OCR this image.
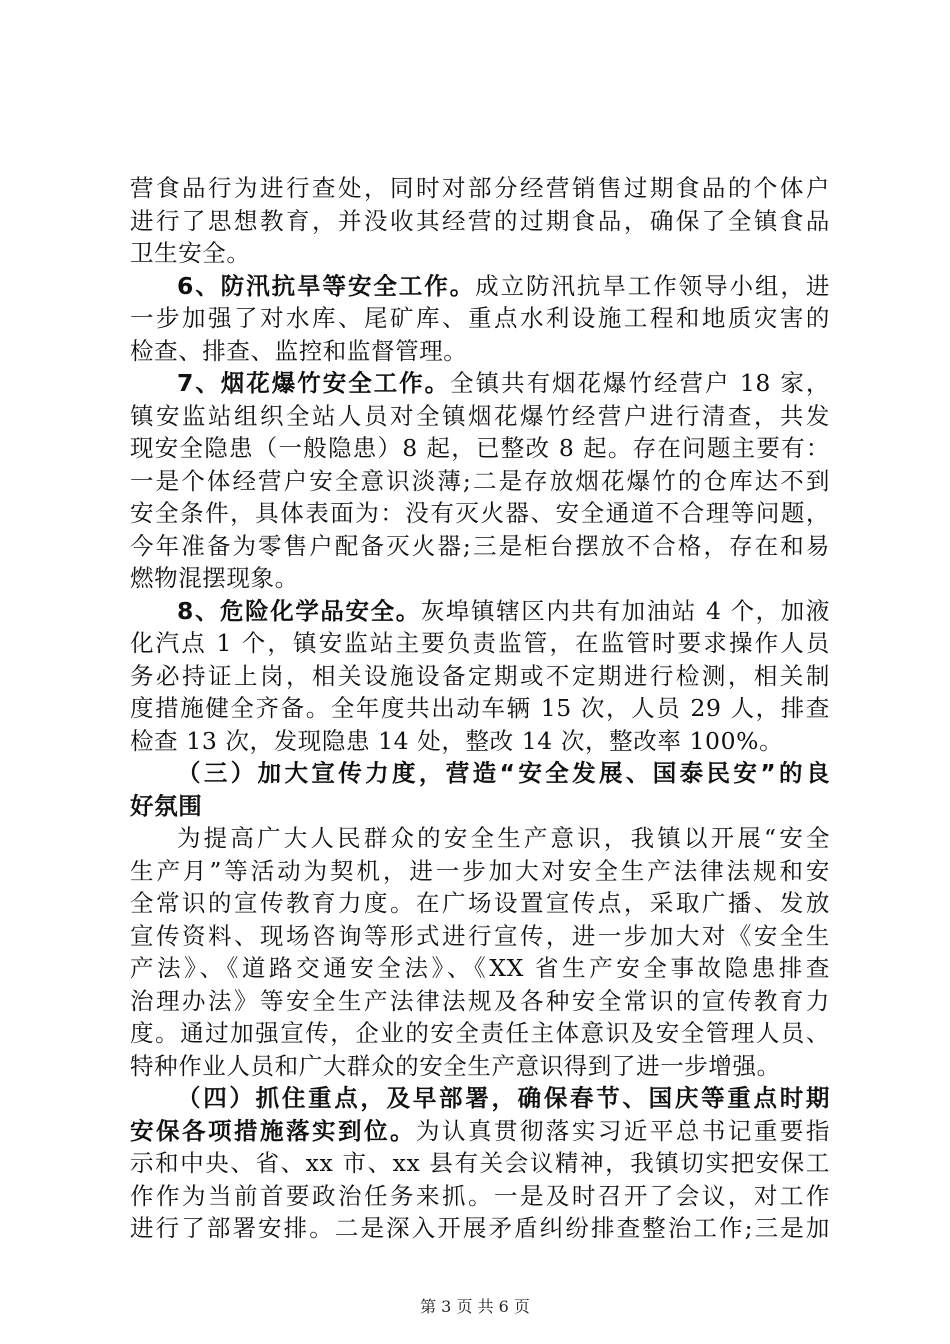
营食品行为进行查处，同时对部分经营销售过期食品的个体户
进行了思想教育，并没收其经营的过期食品，确保了全镇食品
卫生安全。
6、防汛抗旱等安全工作。成立防汛抗旱工作领导小组，进
一步加强了对水库、尾矿库、重点水利设施工程和地质灾害的
检查、排查、监控和监督管理。
7、烟花爆竹安全工作。全镇共有烟花爆竹经营户 18 家，
镇安监站组织全站人员对全镇烟花爆竹经营户进行清查，共发
现安全隐患（一般隐患）8 起，已整改 8 起。存在问题主要有：
一是个体经营户安全意识淡薄;二是存放烟花爆竹的仓库达不到
安全条件，具体表面为：没有灭火器、安全通道不合理等问题，
今年准备为零售户配备灭火器;三是柜台摆放不合格，存在和易
燃物混摆现象。
8、危险化学品安全。灰埠镇辖区内共有加油站 4 个，加液
化汽点 1 个，镇安监站主要负责监管，在监管时要求操作人员
务必持证上岗，相关设施设备定期或不定期进行检测，相关制
度措施健全齐备。全年度共出动车辆 15 次，人员 29 人，排查
检查 13 次，发现隐患 14 处，整改 14 次，整改率 100%。
（三）加大宣传力度，营造“安全发展、国泰民安”的良
好氛围
为提高广大人民群众的安全生产意识，我镇以开展“安全
生产月”等活动为契机，进一步加大对安全生产法律法规和安
全常识的宣传教育力度。在广场设置宣传点，采取广播、发放
宣传资料、现场咨询等形式进行宣传，进一步加大对《安全生
产法》、《道路交通安全法》、《XX 省生产安全事故隐患排查
治理办法》等安全生产法律法规及各种安全常识的宣传教育力
度。通过加强宣传，企业的安全责任主体意识及安全管理人员、
特种作业人员和广大群众的安全生产意识得到了进一步增强。
（四）抓住重点，及早部署，确保春节、国庆等重点时期
安保各项措施落实到位。为认真贯彻落实习近平总书记重要指
示和中央、省、xx 市、xx 县有关会议精神，我镇切实把安保工
作作为当前首要政治任务来抓。一是及时召开了会议，对工作
进行了部署安排。二是深入开展矛盾纠纷排查整治工作;三是加
第 3 页 共 6 页
